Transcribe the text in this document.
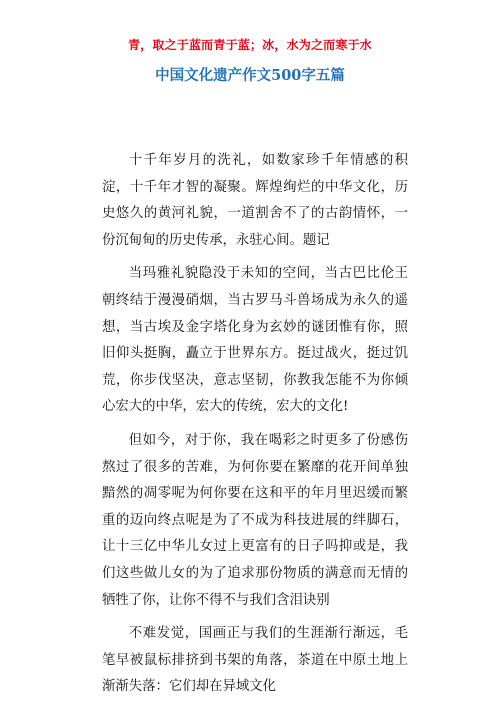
青，取之于蓝而青于蓝；冰，水为之而寒于水
中国文化遗产作文500字五篇

十千年岁月的洗礼，如数家珍千年情感的积淀，十千年才智的凝聚。辉煌绚烂的中华文化，历史悠久的黄河礼貌，一道割舍不了的古韵情怀，一份沉甸甸的历史传承，永驻心间。题记

当玛雅礼貌隐没于未知的空间，当古巴比伦王朝终结于漫漫硝烟，当古罗马斗兽场成为永久的遥想，当古埃及金字塔化身为玄妙的谜团惟有你，照旧仰头挺胸，矗立于世界东方。挺过战火，挺过饥荒，你步伐坚决，意志坚韧，你教我怎能不为你倾心宏大的中华，宏大的传统，宏大的文化!

但如今，对于你，我在喝彩之时更多了份感伤熬过了很多的苦难，为何你要在繁靡的花开间单独黯然的凋零呢为何你要在这和平的年月里迟缓而繁重的迈向终点呢是为了不成为科技进展的绊脚石，让十三亿中华儿女过上更富有的日子吗抑或是，我们这些做儿女的为了追求那份物质的满意而无情的牺牲了你，让你不得不与我们含泪诀别

不难发觉，国画正与我们的生涯渐行渐远，毛笔早被鼠标排挤到书架的角落，茶道在中原土地上渐渐失落：它们却在异域文化
